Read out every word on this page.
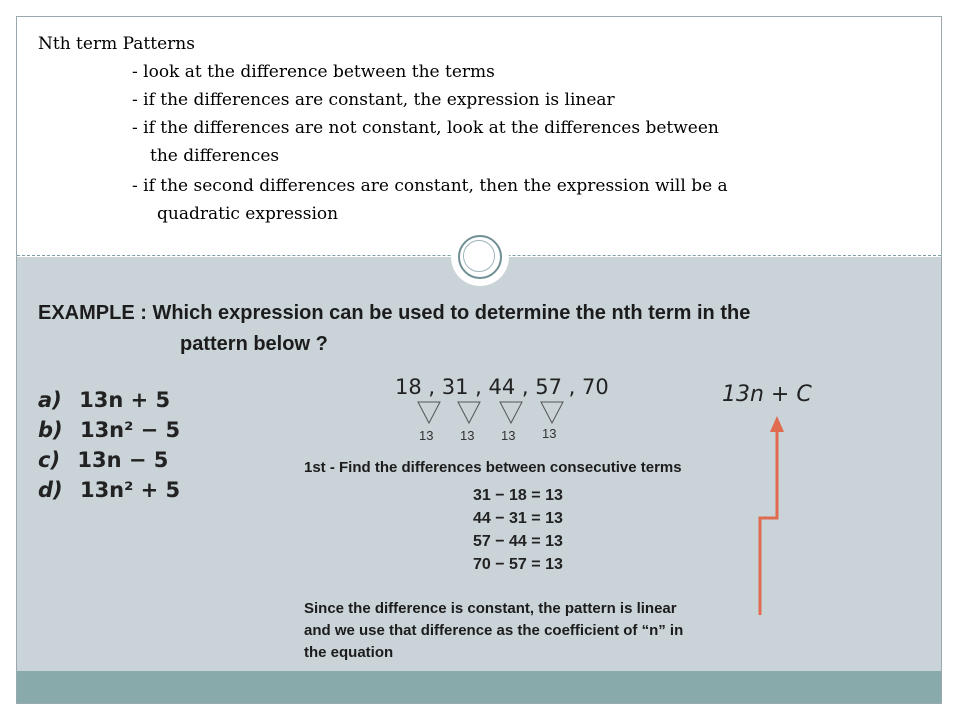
Nth term Patterns
- look at the difference between the terms
- if the differences are constant, the expression is linear
- if the differences are not constant, look at the differences between
the differences
- if the second differences are constant, then the expression will be a
quadratic expression
EXAMPLE : Which expression can be used to determine the nth term in the
pattern below ?
a) 13n + 5
b) 13n² − 5
c) 13n − 5
d) 13n² + 5
18 , 31 , 44 , 57 , 70
13 13 13 13
1st - Find the differences between consecutive terms
31 − 18 = 13
44 − 31 = 13
57 − 44 = 13
70 − 57 = 13
Since the difference is constant, the pattern is linear
and we use that difference as the coefficient of “n” in
the equation
13n + C
